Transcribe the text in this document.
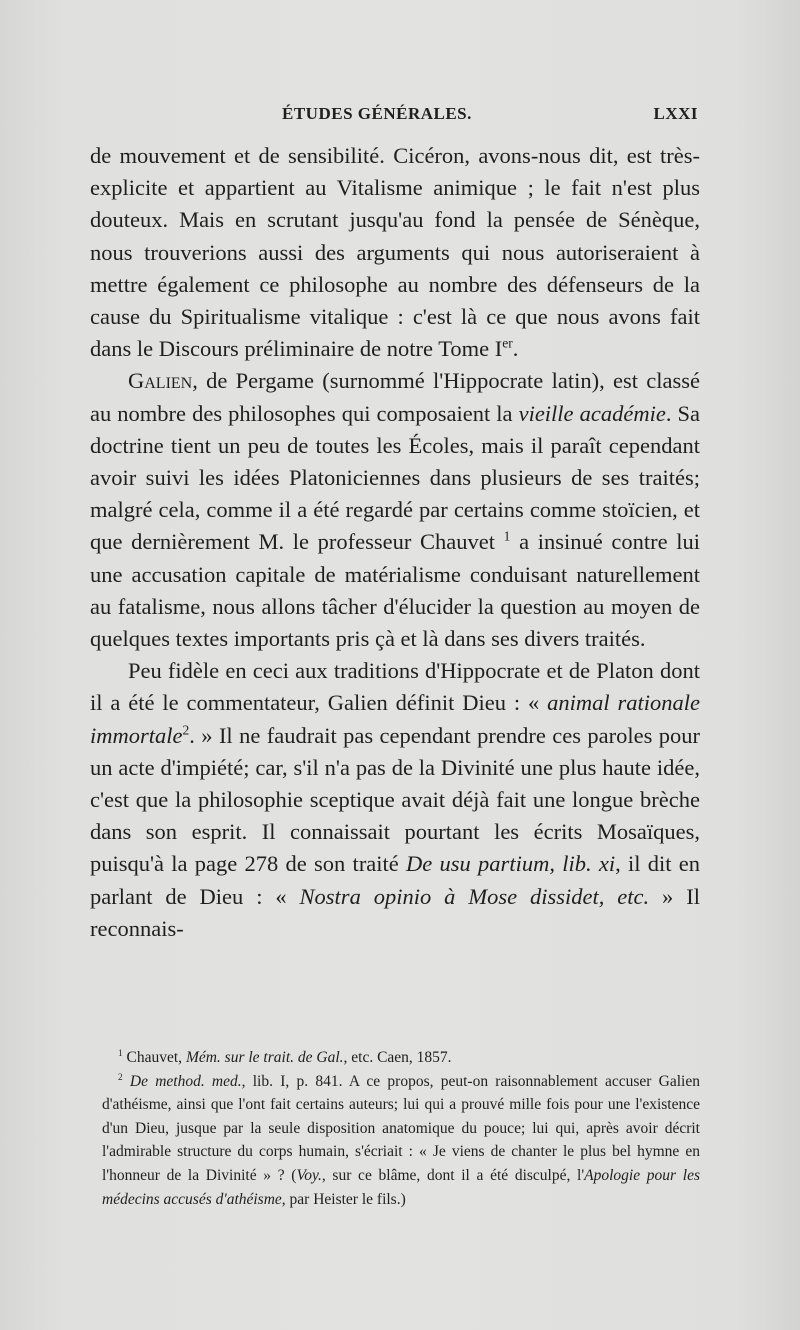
ÉTUDES GÉNÉRALES.	LXXI

de mouvement et de sensibilité. Cicéron, avons-nous dit, est très-explicite et appartient au Vitalisme animique ; le fait n'est plus douteux. Mais en scrutant jusqu'au fond la pensée de Sénèque, nous trouverions aussi des arguments qui nous autoriseraient à mettre également ce philosophe au nombre des défenseurs de la cause du Spiritualisme vitalique : c'est là ce que nous avons fait dans le Discours préliminaire de notre Tome Ier.

Galien, de Pergame (surnommé l'Hippocrate latin), est classé au nombre des philosophes qui composaient la vieille académie. Sa doctrine tient un peu de toutes les Écoles, mais il paraît cependant avoir suivi les idées Platoniciennes dans plusieurs de ses traités; malgré cela, comme il a été regardé par certains comme stoïcien, et que dernièrement M. le professeur Chauvet $^1$ a insinué contre lui une accusation capitale de matérialisme conduisant naturellement au fatalisme, nous allons tâcher d'élucider la question au moyen de quelques textes importants pris çà et là dans ses divers traités.

Peu fidèle en ceci aux traditions d'Hippocrate et de Platon dont il a été le commentateur, Galien définit Dieu : « animal rationale immortale$^2$. » Il ne faudrait pas cependant prendre ces paroles pour un acte d'impiété; car, s'il n'a pas de la Divinité une plus haute idée, c'est que la philosophie sceptique avait déjà fait une longue brèche dans son esprit. Il connaissait pourtant les écrits Mosaïques, puisqu'à la page 278 de son traité De usu partium, lib. xi, il dit en parlant de Dieu : « Nostra opinio à Mose dissidet, etc. » Il reconnais-

$^1$ Chauvet, Mém. sur le trait. de Gal., etc. Caen, 1857.

$^2$ De method. med., lib. I, p. 841. A ce propos, peut-on raisonnablement accuser Galien d'athéisme, ainsi que l'ont fait certains auteurs; lui qui a prouvé mille fois pour une l'existence d'un Dieu, jusque par la seule disposition anatomique du pouce; lui qui, après avoir décrit l'admirable structure du corps humain, s'écriait : « Je viens de chanter le plus bel hymne en l'honneur de la Divinité » ? (Voy., sur ce blâme, dont il a été disculpé, l'Apologie pour les médecins accusés d'athéisme, par Heister le fils.)
